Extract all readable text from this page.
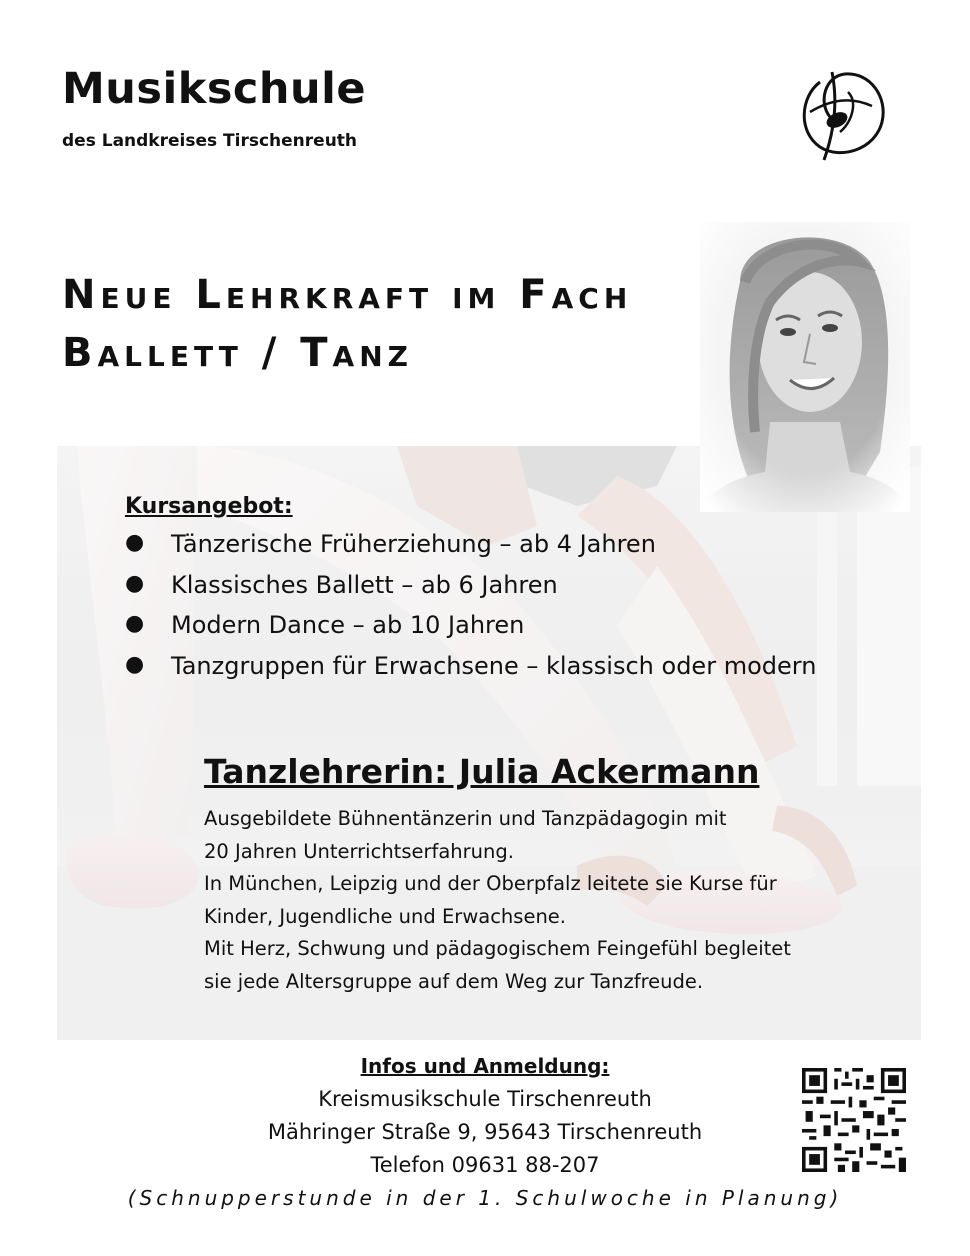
Musikschule
des Landkreises Tirschenreuth
Neue Lehrkraft im Fach
Ballett / Tanz
Kursangebot:
● Tänzerische Früherziehung – ab 4 Jahren
● Klassisches Ballett – ab 6 Jahren
● Modern Dance – ab 10 Jahren
● Tanzgruppen für Erwachsene – klassisch oder modern
Tanzlehrerin: Julia Ackermann
Ausgebildete Bühnentänzerin und Tanzpädagogin mit
20 Jahren Unterrichtserfahrung.
In München, Leipzig und der Oberpfalz leitete sie Kurse für
Kinder, Jugendliche und Erwachsene.
Mit Herz, Schwung und pädagogischem Feingefühl begleitet
sie jede Altersgruppe auf dem Weg zur Tanzfreude.
Infos und Anmeldung:
Kreismusikschule Tirschenreuth
Mähringer Straße 9, 95643 Tirschenreuth
Telefon 09631 88-207
(Schnupperstunde in der 1. Schulwoche in Planung)
